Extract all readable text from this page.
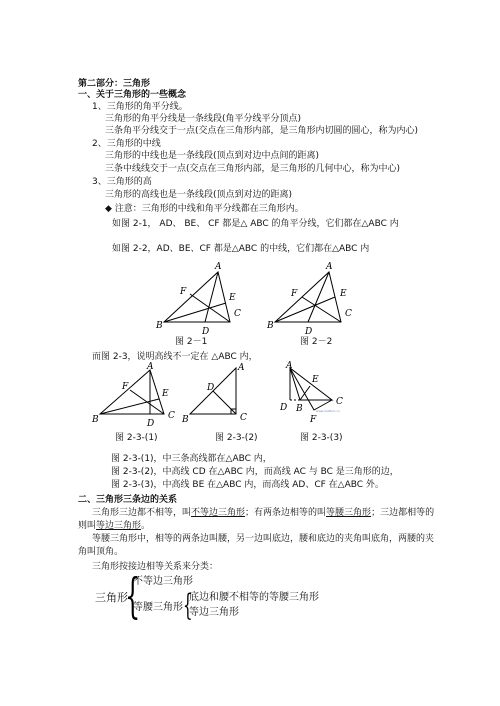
第二部分：三角形
一、关于三角形的一些概念
1、三角形的角平分线。
三角形的角平分线是一条线段(角平分线平分顶点)
三条角平分线交于一点(交点在三角形内部，是三角形内切圆的圆心，称为内心)
2、三角形的中线
三角形的中线也是一条线段(顶点到对边中点间的距离)
三条中线线交于一点(交点在三角形内部，是三角形的几何中心，称为中心)
3、三角形的高
三角形的高线也是一条线段(顶点到对边的距离)
◆ 注意：三角形的中线和角平分线都在三角形内。
如图 2-1， AD、 BE、 CF 都是△ ABC 的角平分线，它们都在△ABC 内
如图 2-2，AD、BE、CF 都是△ABC 的中线，它们都在△ABC 内
B
C
A
D
E
F
图 2－1
B
C
A
D
E
F
图 2－2
而图 2-3，说明高线不一定在 △ABC 内，
B	C
A
D
E
F
图 2-3-(1)
B	C
A
D
图 2-3-(2)
A
D B
C
E
F
www.mathcn.cn
图 2-3-(3)
图 2-3-(1)，中三条高线都在△ABC 内，
图 2-3-(2)，中高线 CD 在△ABC 内，而高线 AC 与 BC 是三角形的边，
图 2-3-(3)，中高线 BE 在△ABC 内，而高线 AD、CF 在△ABC 外。
二、三角形三条边的关系
三角形三边都不相等，叫不等边三角形；有两条边相等的叫等腰三角形；三边都相等的
则叫等边三角形。
等腰三角形中，相等的两条边叫腰，另一边叫底边，腰和底边的夹角叫底角，两腰的夹
角叫顶角。
三角形按接边相等关系来分类：
三角形
{
不等边三角形
等腰三角形 {
底边和腰不相等的等腰三角形
等边三角形
